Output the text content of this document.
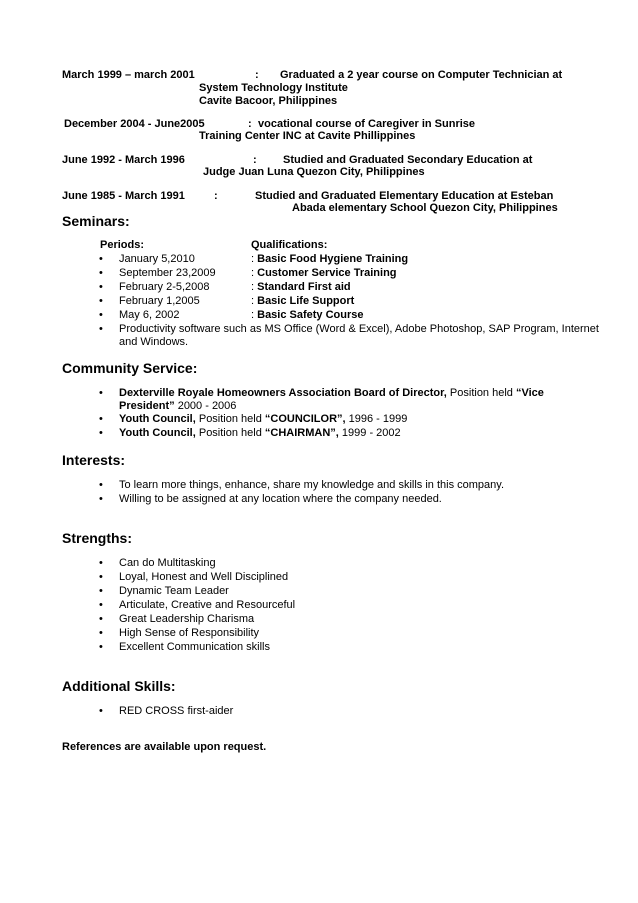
March 1999 – march 2001	: Graduated a 2 year course on Computer Technician at
System Technology Institute
Cavite Bacoor, Philippines
December 2004 - June2005	: vocational course of Caregiver in Sunrise
Training Center INC at Cavite Phillippines
June 1992 - March 1996	: Studied and Graduated Secondary Education at
Judge Juan Luna Quezon City, Philippines
June 1985 - March 1991	:	Studied and Graduated Elementary Education at Esteban
Abada elementary School Quezon City, Philippines
Seminars:
Periods:	Qualifications:
• January 5,2010	: Basic Food Hygiene Training
• September 23,2009	: Customer Service Training
• February 2-5,2008	: Standard First aid
• February 1,2005	: Basic Life Support
• May 6, 2002	: Basic Safety Course
• Productivity software such as MS Office (Word & Excel), Adobe Photoshop, SAP Program, Internet
and Windows.
Community Service:
• Dexterville Royale Homeowners Association Board of Director, Position held “Vice
President” 2000 - 2006
• Youth Council, Position held “COUNCILOR”, 1996 - 1999
• Youth Council, Position held “CHAIRMAN”, 1999 - 2002
Interests:
• To learn more things, enhance, share my knowledge and skills in this company.
• Willing to be assigned at any location where the company needed.
Strengths:
• Can do Multitasking
• Loyal, Honest and Well Disciplined
• Dynamic Team Leader
• Articulate, Creative and Resourceful
• Great Leadership Charisma
• High Sense of Responsibility
• Excellent Communication skills
Additional Skills:
• RED CROSS first-aider
References are available upon request.
